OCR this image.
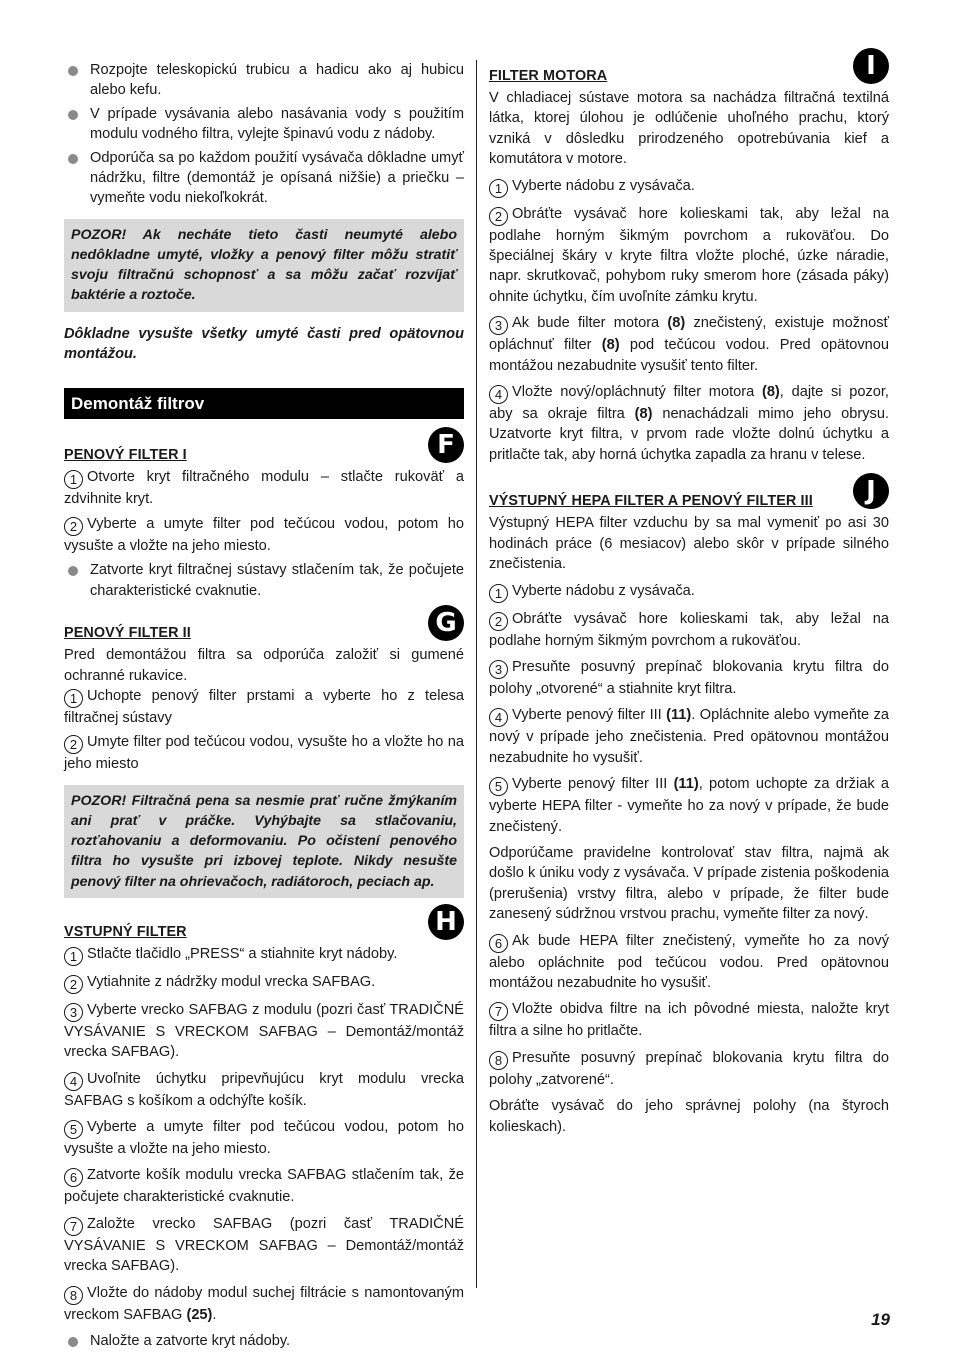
Rozpojte teleskopickú trubicu a hadicu ako aj hubicu alebo kefu.

V prípade vysávania alebo nasávania vody s použitím modulu vodného filtra, vylejte špinavú vodu z nádoby.

Odporúča sa po každom použití vysávača dôkladne umyť nádržku, filtre (demontáž je opísaná nižšie) a priečku – vymeňte vodu niekoľkokrát.

POZOR! Ak necháte tieto časti neumyté alebo nedôkladne umyté, vložky a penový filter môžu stratiť svoju filtračnú schopnosť a sa môžu začať rozvíjať baktérie a roztoče.

Dôkladne vysušte všetky umyté časti pred opätovnou montážou.

Demontáž filtrov
PENOVÝ FILTER I	F

1 Otvorte kryt filtračného modulu – stlačte rukoväť a zdvihnite kryt.

2 Vyberte a umyte filter pod tečúcou vodou, potom ho vysušte a vložte na jeho miesto.

Zatvorte kryt filtračnej sústavy stlačením tak, že počujete charakteristické cvaknutie.

PENOVÝ FILTER II	G

Pred demontážou filtra sa odporúča založiť si gumené ochranné rukavice.

1 Uchopte penový filter prstami a vyberte ho z telesa filtračnej sústavy

2 Umyte filter pod tečúcou vodou, vysušte ho a vložte ho na jeho miesto

POZOR! Filtračná pena sa nesmie prať ručne žmýkaním ani prať v práčke. Vyhýbajte sa stlačovaniu, rozťahovaniu a deformovaniu. Po očistení penového filtra ho vysušte pri izbovej teplote. Nikdy nesušte penový filter na ohrievačoch, radiátoroch, peciach ap.

VSTUPNÝ FILTER	H

1 Stlačte tlačidlo „PRESS“ a stiahnite kryt nádoby.

2 Vytiahnite z nádržky modul vrecka SAFBAG.

3 Vyberte vrecko SAFBAG z modulu (pozri časť TRADIČNÉ VYSÁVANIE S VRECKOM SAFBAG – Demontáž/montáž vrecka SAFBAG).

4 Uvoľnite úchytku pripevňujúcu kryt modulu vrecka SAFBAG s košíkom a odchýľte košík.

5 Vyberte a umyte filter pod tečúcou vodou, potom ho vysušte a vložte na jeho miesto.

6 Zatvorte košík modulu vrecka SAFBAG stlačením tak, že počujete charakteristické cvaknutie.

7 Založte vrecko SAFBAG (pozri časť TRADIČNÉ VYSÁVANIE S VRECKOM SAFBAG – Demontáž/montáž vrecka SAFBAG).

8 Vložte do nádoby modul suchej filtrácie s namontovaným vreckom SAFBAG (25).

Naložte a zatvorte kryt nádoby.

FILTER MOTORA	I

V chladiacej sústave motora sa nachádza filtračná textilná látka, ktorej úlohou je odlúčenie uhoľného prachu, ktorý vzniká v dôsledku prirodzeného opotrebúvania kief a komutátora v motore.

1 Vyberte nádobu z vysávača.

2 Obráťte vysávač hore kolieskami tak, aby ležal na podlahe horným šikmým povrchom a rukoväťou. Do špeciálnej škáry v kryte filtra vložte ploché, úzke náradie, napr. skrutkovač, pohybom ruky smerom hore (zásada páky) ohnite úchytku, čím uvoľníte zámku krytu.

3 Ak bude filter motora (8) znečistený, existuje možnosť opláchnuť filter (8) pod tečúcou vodou. Pred opätovnou montážou nezabudnite vysušiť tento filter.

4 Vložte nový/opláchnutý filter motora (8), dajte si pozor, aby sa okraje filtra (8) nenachádzali mimo jeho obrysu. Uzatvorte kryt filtra, v prvom rade vložte dolnú úchytku a pritlačte tak, aby horná úchytka zapadla za hranu v telese.

VÝSTUPNÝ HEPA FILTER A PENOVÝ FILTER III	J

Výstupný HEPA filter vzduchu by sa mal vymeniť po asi 30 hodinách práce (6 mesiacov) alebo skôr v prípade silného znečistenia.

1 Vyberte nádobu z vysávača.

2 Obráťte vysávač hore kolieskami tak, aby ležal na podlahe horným šikmým povrchom a rukoväťou.

3 Presuňte posuvný prepínač blokovania krytu filtra do polohy „otvorené“ a stiahnite kryt filtra.

4 Vyberte penový filter III (11). Opláchnite alebo vymeňte za nový v prípade jeho znečistenia. Pred opätovnou montážou nezabudnite ho vysušiť.

5 Vyberte penový filter III (11), potom uchopte za držiak a vyberte HEPA filter - vymeňte ho za nový v prípade, že bude znečistený.

Odporúčame pravidelne kontrolovať stav filtra, najmä ak došlo k úniku vody z vysávača. V prípade zistenia poškodenia (prerušenia) vrstvy filtra, alebo v prípade, že filter bude zanesený súdržnou vrstvou prachu, vymeňte filter za nový.

6 Ak bude HEPA filter znečistený, vymeňte ho za nový alebo opláchnite pod tečúcou vodou. Pred opätovnou montážou nezabudnite ho vysušiť.

7 Vložte obidva filtre na ich pôvodné miesta, naložte kryt filtra a silne ho pritlačte.

8 Presuňte posuvný prepínač blokovania krytu filtra do polohy „zatvorené“.

Obráťte vysávač do jeho správnej polohy (na štyroch kolieskach).

19
